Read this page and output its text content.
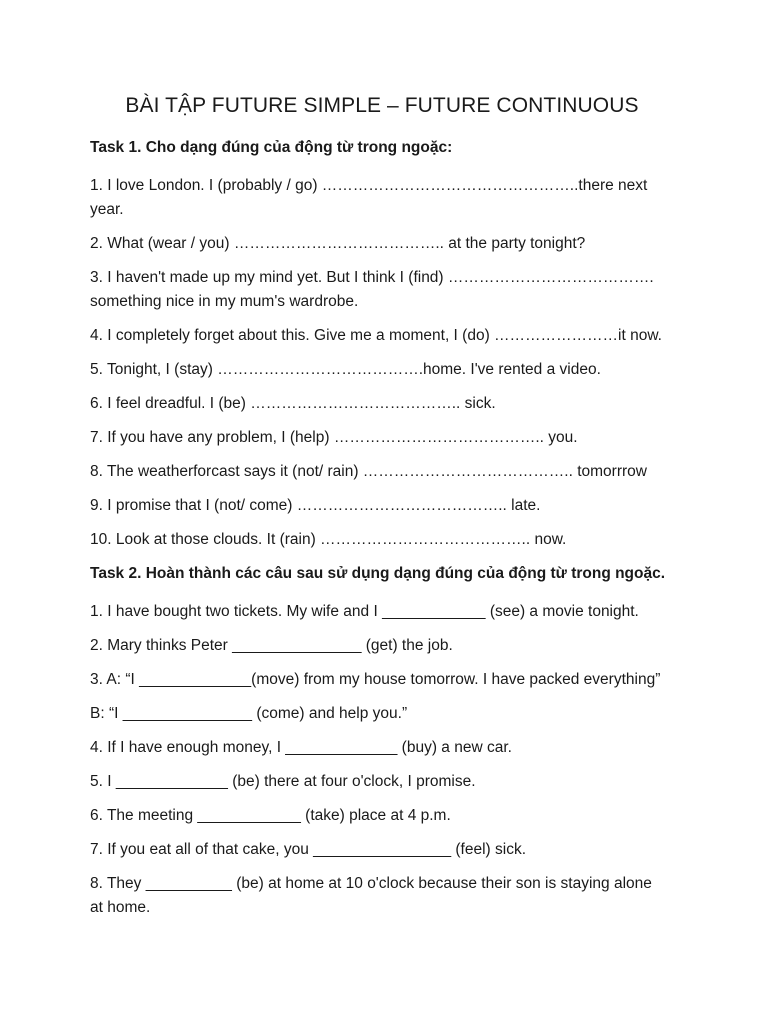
BÀI TẬP FUTURE SIMPLE – FUTURE CONTINUOUS
Task 1. Cho dạng đúng của động từ trong ngoặc:
1. I love London. I (probably / go) …………………………………………..there next year.
2. What (wear / you) ………………………………….. at the party tonight?
3. I haven't made up my mind yet. But I think I (find) …………………………………. something nice in my mum's wardrobe.
4. I completely forget about this. Give me a moment, I (do) ……………………it now.
5. Tonight, I (stay) ………………………………….home. I've rented a video.
6. I feel dreadful. I (be) ………………………………….. sick.
7. If you have any problem, I (help) ………………………………….. you.
8. The weatherforcast says it (not/ rain) ………………………………….. tomorrrow
9. I promise that I (not/ come) ………………………………….. late.
10. Look at those clouds. It (rain) ………………………………….. now.
Task 2. Hoàn thành các câu sau sử dụng dạng đúng của động từ trong ngoặc.
1. I have bought two tickets. My wife and I ____________ (see) a movie tonight.
2. Mary thinks Peter _______________ (get) the job.
3. A: “I _____________(move) from my house tomorrow. I have packed everything”
B: “I _______________ (come) and help you.”
4. If I have enough money, I _____________ (buy) a new car.
5. I _____________ (be) there at four o'clock, I promise.
6. The meeting ____________ (take) place at 4 p.m.
7. If you eat all of that cake, you ________________ (feel) sick.
8. They __________ (be) at home at 10 o'clock because their son is staying alone at home.
